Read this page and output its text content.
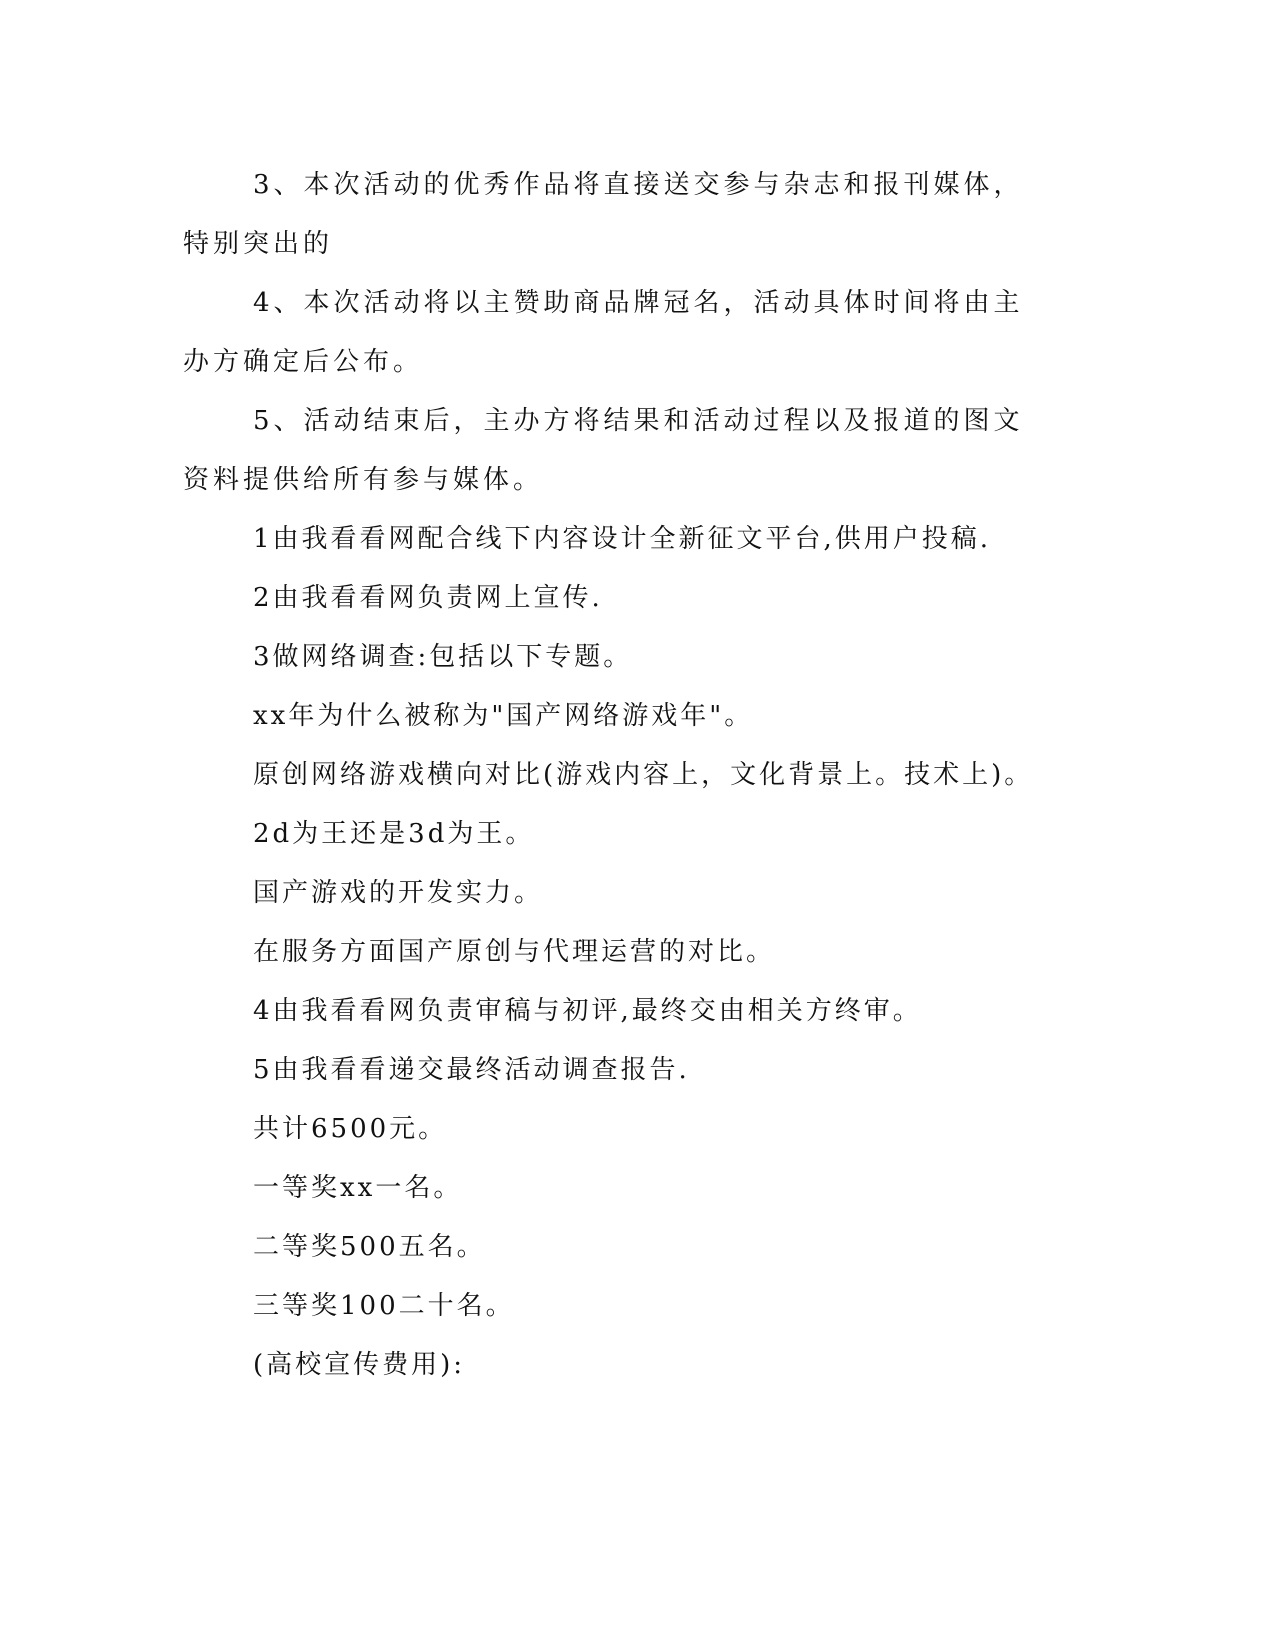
3、本次活动的优秀作品将直接送交参与杂志和报刊媒体，特别突出的

4、本次活动将以主赞助商品牌冠名，活动具体时间将由主办方确定后公布。

5、活动结束后，主办方将结果和活动过程以及报道的图文资料提供给所有参与媒体。

1由我看看网配合线下内容设计全新征文平台,供用户投稿.

2由我看看网负责网上宣传.

3做网络调查:包括以下专题。

xx年为什么被称为"国产网络游戏年"。

原创网络游戏横向对比(游戏内容上，文化背景上。技术上)。

2d为王还是3d为王。

国产游戏的开发实力。

在服务方面国产原创与代理运营的对比。

4由我看看网负责审稿与初评,最终交由相关方终审。

5由我看看递交最终活动调查报告.

共计6500元。

一等奖xx一名。

二等奖500五名。

三等奖100二十名。

(高校宣传费用):
